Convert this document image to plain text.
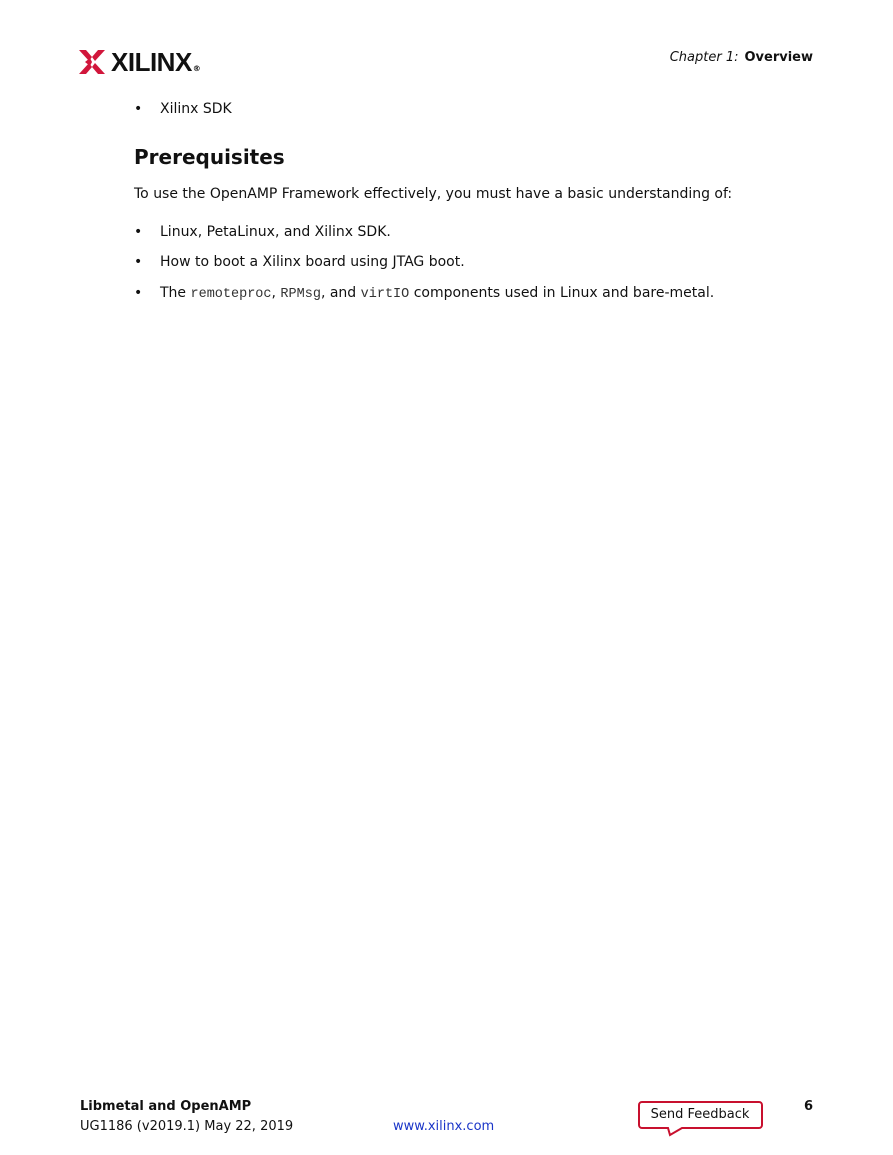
XILINX ®
Chapter 1: Overview
• Xilinx SDK
Prerequisites
To use the OpenAMP Framework effectively, you must have a basic understanding of:
• Linux, PetaLinux, and Xilinx SDK.
• How to boot a Xilinx board using JTAG boot.
• The remoteproc, RPMsg, and virtIO components used in Linux and bare-metal.
Libmetal and OpenAMP
UG1186 (v2019.1) May 22, 2019	www.xilinx.com
Send Feedback
6
